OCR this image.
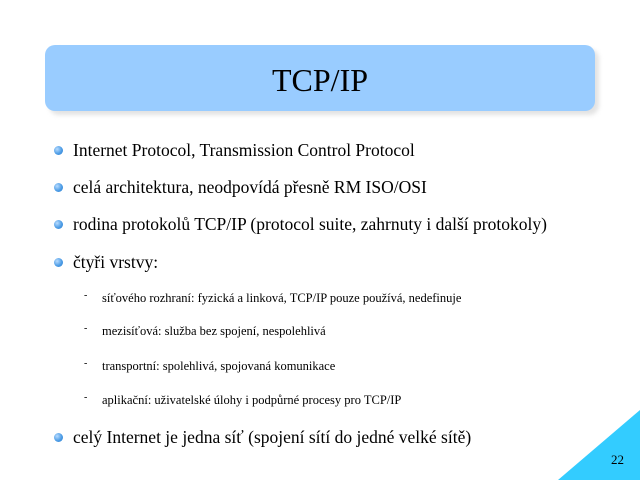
TCP/IP
Internet Protocol, Transmission Control Protocol
celá architektura, neodpovídá přesně RM ISO/OSI
rodina protokolů TCP/IP (protocol suite, zahrnuty i další protokoly)
čtyři vrstvy:
- síťového rozhraní: fyzická a linková, TCP/IP pouze používá, nedefinuje
- mezisíťová: služba bez spojení, nespolehlivá
- transportní: spolehlivá, spojovaná komunikace
- aplikační: uživatelské úlohy i podpůrné procesy pro TCP/IP
celý Internet je jedna síť (spojení sítí do jedné velké sítě)
22
